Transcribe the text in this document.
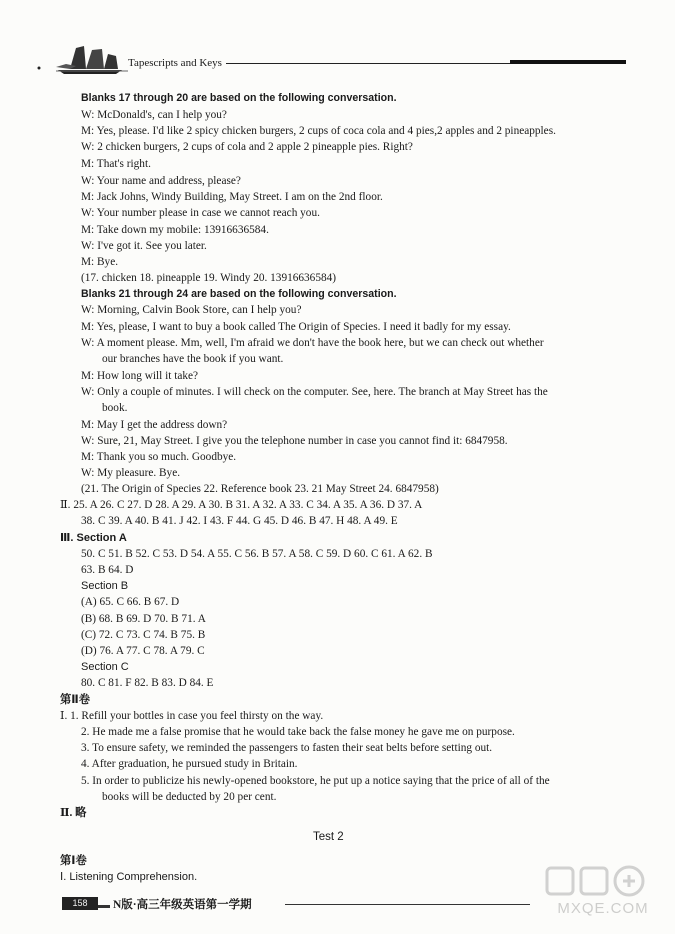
Tapescripts and Keys
Blanks 17 through 20 are based on the following conversation.
W: McDonald's, can I help you?
M: Yes, please. I'd like 2 spicy chicken burgers, 2 cups of coca cola and 4 pies,2 apples and 2 pineapples.
W: 2 chicken burgers, 2 cups of cola and 2 apple 2 pineapple pies. Right?
M: That's right.
W: Your name and address, please?
M: Jack Johns, Windy Building, May Street. I am on the 2nd floor.
W: Your number please in case we cannot reach you.
M: Take down my mobile: 13916636584.
W: I've got it. See you later.
M: Bye.
(17. chicken 18. pineapple 19. Windy 20. 13916636584)
Blanks 21 through 24 are based on the following conversation.
W: Morning, Calvin Book Store, can I help you?
M: Yes, please, I want to buy a book called The Origin of Species. I need it badly for my essay.
W: A moment please. Mm, well, I'm afraid we don't have the book here, but we can check out whether
our branches have the book if you want.
M: How long will it take?
W: Only a couple of minutes. I will check on the computer. See, here. The branch at May Street has the
book.
M: May I get the address down?
W: Sure, 21, May Street. I give you the telephone number in case you cannot find it: 6847958.
M: Thank you so much. Goodbye.
W: My pleasure. Bye.
(21. The Origin of Species 22. Reference book 23. 21 May Street 24. 6847958)
Ⅱ. 25. A 26. C 27. D 28. A 29. A 30. B 31. A 32. A 33. C 34. A 35. A 36. D 37. A
38. C 39. A 40. B 41. J 42. I 43. F 44. G 45. D 46. B 47. H 48. A 49. E
Ⅲ. Section A
50. C 51. B 52. C 53. D 54. A 55. C 56. B 57. A 58. C 59. D 60. C 61. A 62. B
63. B 64. D
Section B
(A) 65. C 66. B 67. D
(B) 68. B 69. D 70. B 71. A
(C) 72. C 73. C 74. B 75. B
(D) 76. A 77. C 78. A 79. C
Section C
80. C 81. F 82. B 83. D 84. E
第Ⅱ卷
Ⅰ. 1. Refill your bottles in case you feel thirsty on the way.
2. He made me a false promise that he would take back the false money he gave me on purpose.
3. To ensure safety, we reminded the passengers to fasten their seat belts before setting out.
4. After graduation, he pursued study in Britain.
5. In order to publicize his newly-opened bookstore, he put up a notice saying that the price of all of the
books will be deducted by 20 per cent.
Ⅱ. 略
Test 2
第Ⅰ卷
Ⅰ. Listening Comprehension.
158	N版·高三年级英语第一学期	MXQE.COM
